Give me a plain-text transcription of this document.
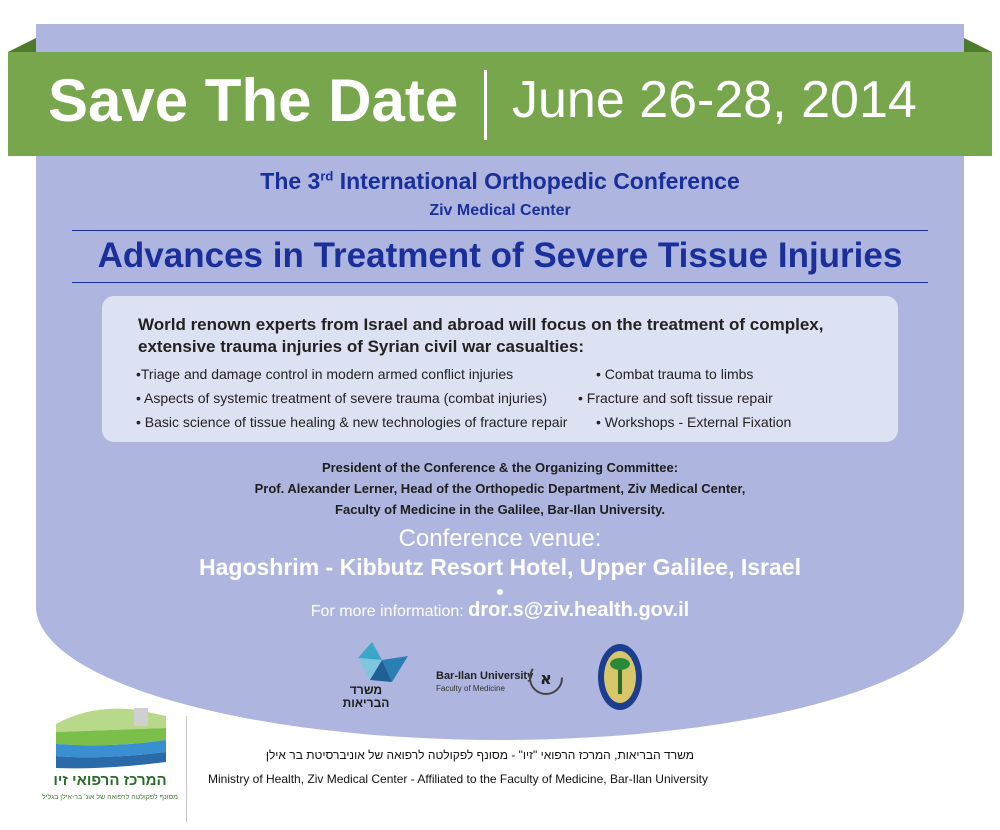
Save The Date June 26-28, 2014
The 3rd International Orthopedic Conference
Ziv Medical Center
Advances in Treatment of Severe Tissue Injuries
World renown experts from Israel and abroad will focus on the treatment of complex,
extensive trauma injuries of Syrian civil war casualties:
•Triage and damage control in modern armed conflict injuries
• Aspects of systemic treatment of severe trauma (combat injuries)
• Basic science of tissue healing & new technologies of fracture repair
• Combat trauma to limbs
• Fracture and soft tissue repair
• Workshops - External Fixation
President of the Conference & the Organizing Committee:
Prof. Alexander Lerner, Head of the Orthopedic Department, Ziv Medical Center,
Faculty of Medicine in the Galilee, Bar-Ilan University.
Conference venue:
Hagoshrim - Kibbutz Resort Hotel, Upper Galilee, Israel
For more information: dror.s@ziv.health.gov.il
משרד
הבריאות
Bar-Ilan University
Faculty of Medicine
א
המרכז הרפואי זיו
מסונף לפקולטה לרפואה של אונ' בר-אילן בגליל
משרד הבריאות, המרכז הרפואי "זיו" - מסונף לפקולטה לרפואה של אוניברסיטת בר אילן
Ministry of Health, Ziv Medical Center - Affiliated to the Faculty of Medicine, Bar-Ilan University
